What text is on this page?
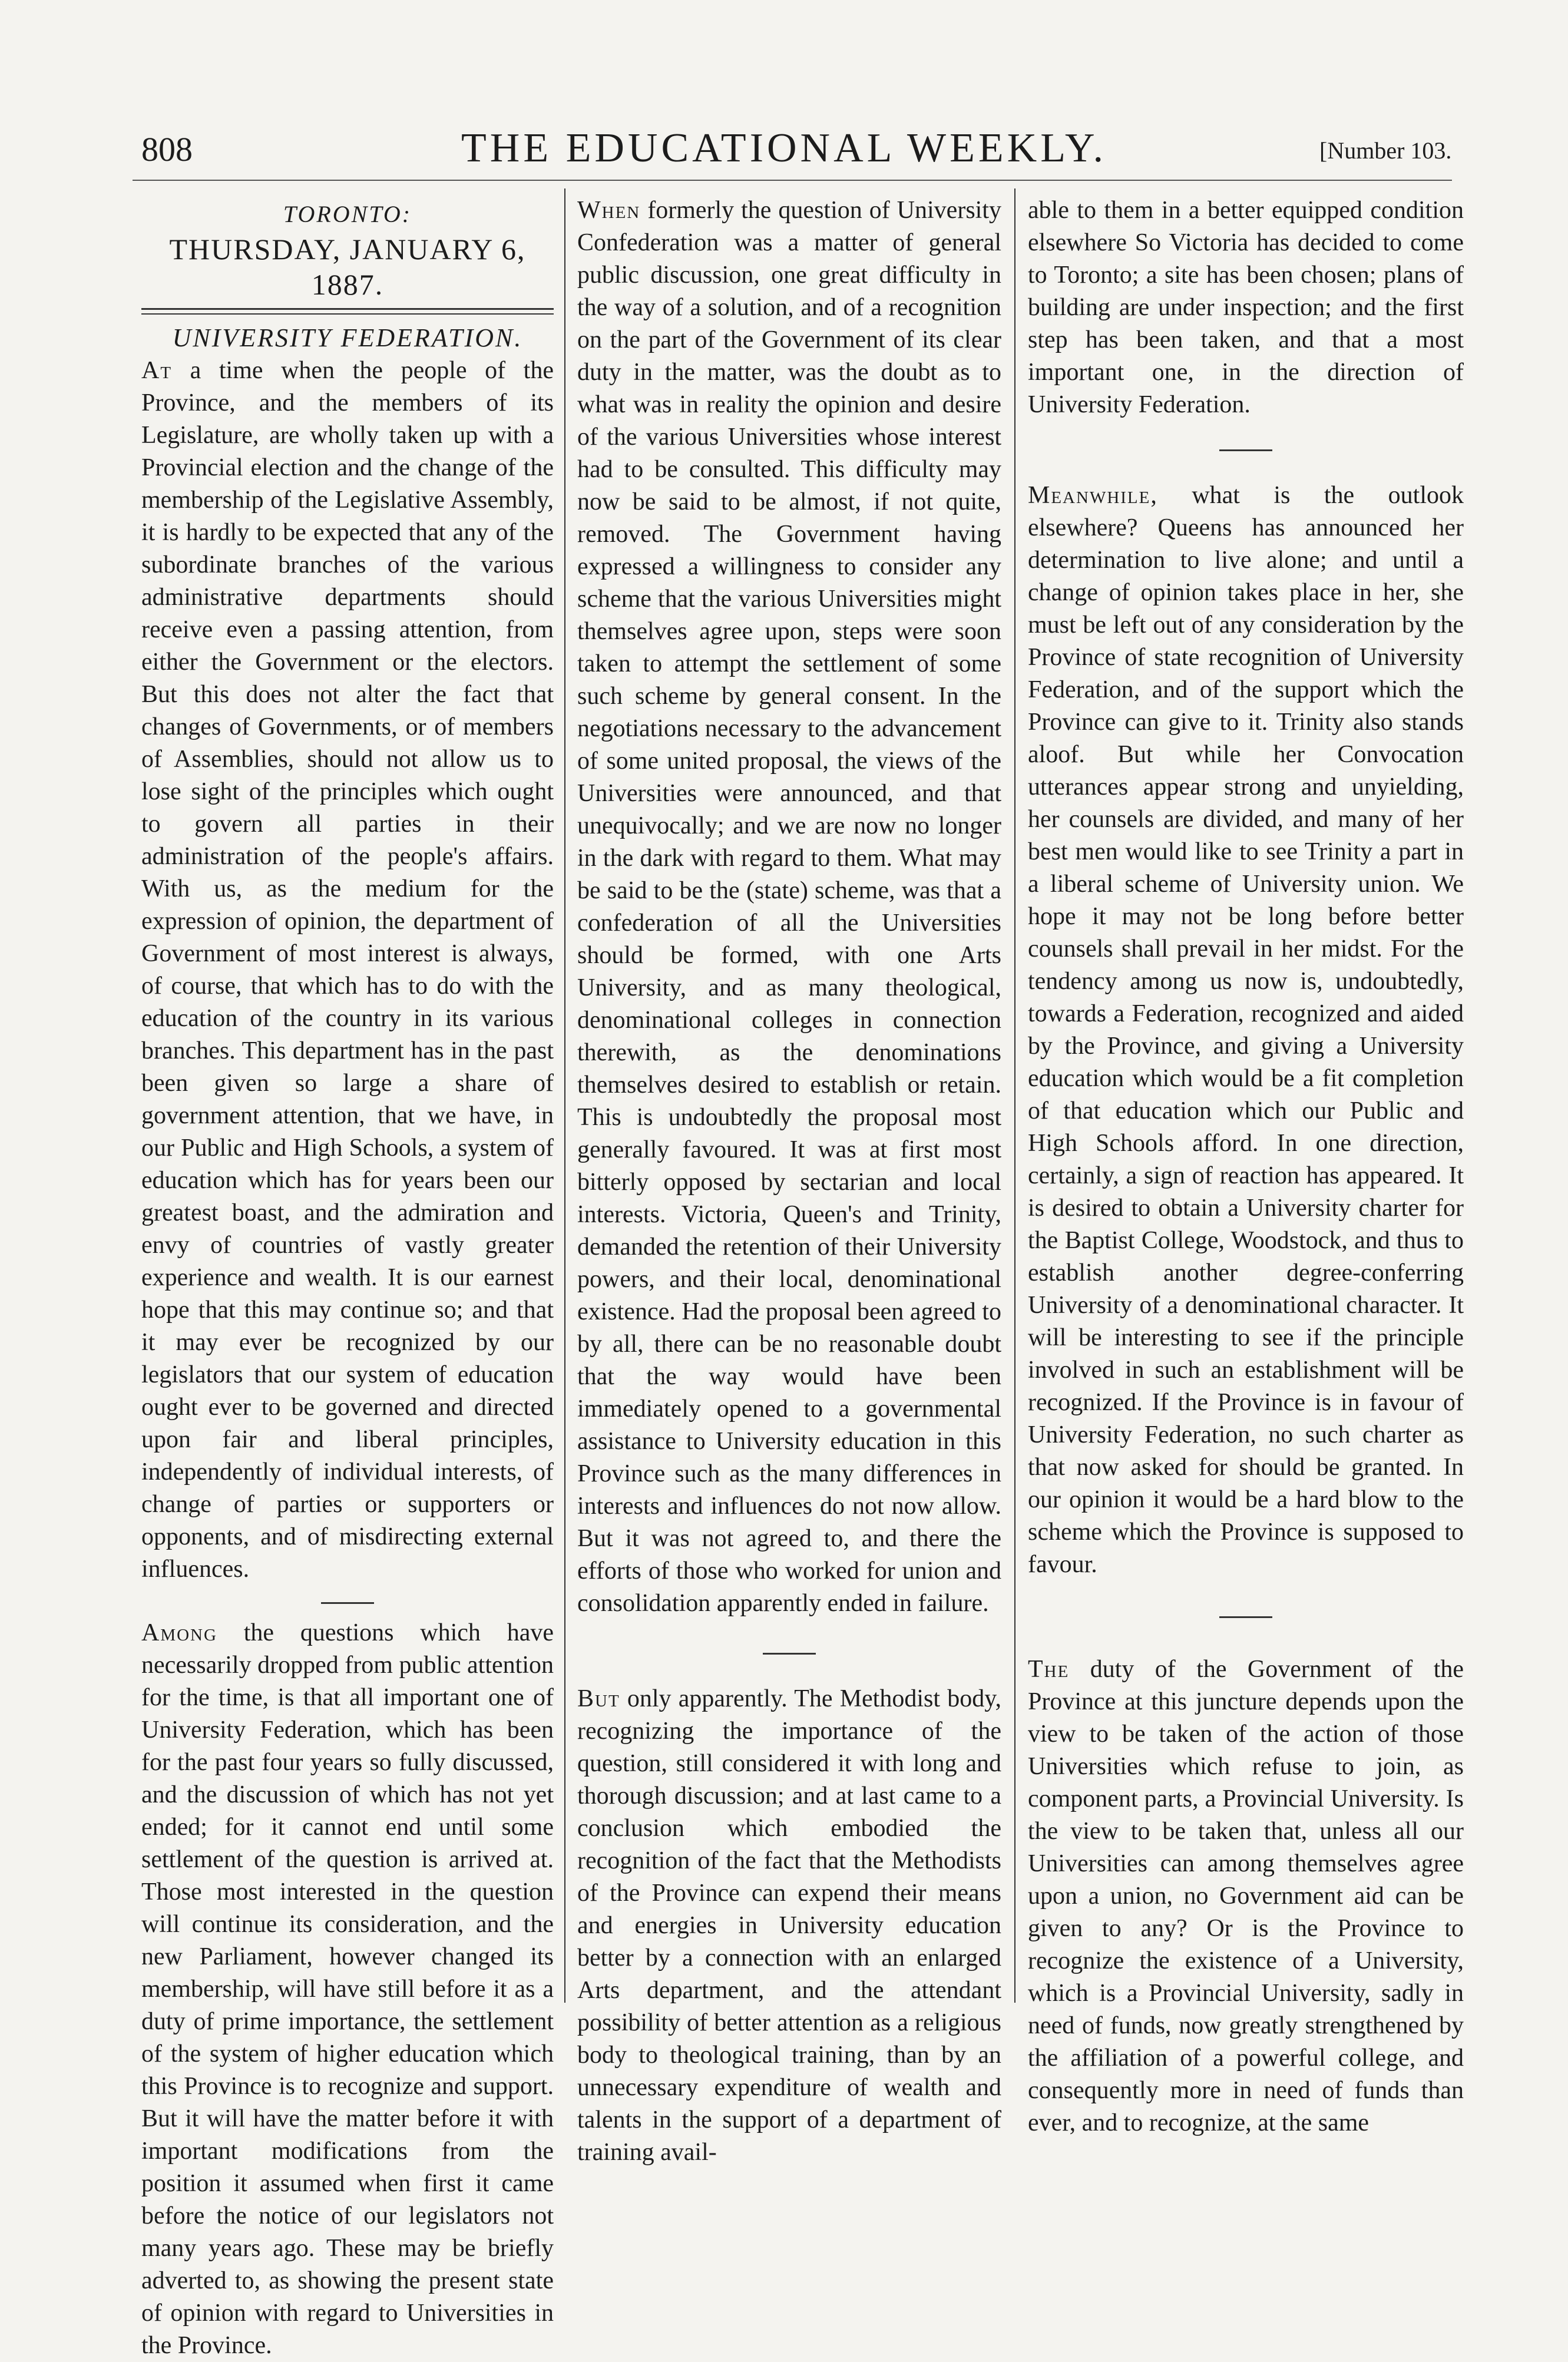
808	THE EDUCATIONAL WEEKLY.	[Number 103.
TORONTO:
THURSDAY, JANUARY 6, 1887.
UNIVERSITY FEDERATION.

At a time when the people of the Province, and the members of its Legislature, are wholly taken up with a Provincial election and the change of the membership of the Legislative Assembly, it is hardly to be expected that any of the subordinate branches of the various administrative departments should receive even a passing attention, from either the Government or the electors. But this does not alter the fact that changes of Governments, or of members of Assemblies, should not allow us to lose sight of the principles which ought to govern all parties in their administration of the people's affairs. With us, as the medium for the expression of opinion, the department of Government of most interest is always, of course, that which has to do with the education of the country in its various branches. This department has in the past been given so large a share of government attention, that we have, in our Public and High Schools, a system of education which has for years been our greatest boast, and the admiration and envy of countries of vastly greater experience and wealth. It is our earnest hope that this may continue so; and that it may ever be recognized by our legislators that our system of education ought ever to be governed and directed upon fair and liberal principles, independently of individual interests, of change of parties or supporters or opponents, and of misdirecting external influences.

Among the questions which have necessarily dropped from public attention for the time, is that all important one of University Federation, which has been for the past four years so fully discussed, and the discussion of which has not yet ended; for it cannot end until some settlement of the question is arrived at. Those most interested in the question will continue its consideration, and the new Parliament, however changed its membership, will have still before it as a duty of prime importance, the settlement of the system of higher education which this Province is to recognize and support. But it will have the matter before it with important modifications from the position it assumed when first it came before the notice of our legislators not many years ago. These may be briefly adverted to, as showing the present state of opinion with regard to Universities in the Province.

When formerly the question of University Confederation was a matter of general public discussion, one great difficulty in the way of a solution, and of a recognition on the part of the Government of its clear duty in the matter, was the doubt as to what was in reality the opinion and desire of the various Universities whose interest had to be consulted. This difficulty may now be said to be almost, if not quite, removed. The Government having expressed a willingness to consider any scheme that the various Universities might themselves agree upon, steps were soon taken to attempt the settlement of some such scheme by general consent. In the negotiations necessary to the advancement of some united proposal, the views of the Universities were announced, and that unequivocally; and we are now no longer in the dark with regard to them. What may be said to be the (state) scheme, was that a confederation of all the Universities should be formed, with one Arts University, and as many theological, denominational colleges in connection therewith, as the denominations themselves desired to establish or retain. This is undoubtedly the proposal most generally favoured. It was at first most bitterly opposed by sectarian and local interests. Victoria, Queen's and Trinity, demanded the retention of their University powers, and their local, denominational existence. Had the proposal been agreed to by all, there can be no reasonable doubt that the way would have been immediately opened to a governmental assistance to University education in this Province such as the many differences in interests and influences do not now allow. But it was not agreed to, and there the efforts of those who worked for union and consolidation apparently ended in failure.

But only apparently. The Methodist body, recognizing the importance of the question, still considered it with long and thorough discussion; and at last came to a conclusion which embodied the recognition of the fact that the Methodists of the Province can expend their means and energies in University education better by a connection with an enlarged Arts department, and the attendant possibility of better attention as a religious body to theological training, than by an unnecessary expenditure of wealth and talents in the support of a department of training avail-

able to them in a better equipped condition elsewhere So Victoria has decided to come to Toronto; a site has been chosen; plans of building are under inspection; and the first step has been taken, and that a most important one, in the direction of University Federation.

Meanwhile, what is the outlook elsewhere? Queens has announced her determination to live alone; and until a change of opinion takes place in her, she must be left out of any consideration by the Province of state recognition of University Federation, and of the support which the Province can give to it. Trinity also stands aloof. But while her Convocation utterances appear strong and unyielding, her counsels are divided, and many of her best men would like to see Trinity a part in a liberal scheme of University union. We hope it may not be long before better counsels shall prevail in her midst. For the tendency among us now is, undoubtedly, towards a Federation, recognized and aided by the Province, and giving a University education which would be a fit completion of that education which our Public and High Schools afford. In one direction, certainly, a sign of reaction has appeared. It is desired to obtain a University charter for the Baptist College, Woodstock, and thus to establish another degree-conferring University of a denominational character. It will be interesting to see if the principle involved in such an establishment will be recognized. If the Province is in favour of University Federation, no such charter as that now asked for should be granted. In our opinion it would be a hard blow to the scheme which the Province is supposed to favour.

The duty of the Government of the Province at this juncture depends upon the view to be taken of the action of those Universities which refuse to join, as component parts, a Provincial University. Is the view to be taken that, unless all our Universities can among themselves agree upon a union, no Government aid can be given to any? Or is the Province to recognize the existence of a University, which is a Provincial University, sadly in need of funds, now greatly strengthened by the affiliation of a powerful college, and consequently more in need of funds than ever, and to recognize, at the same
